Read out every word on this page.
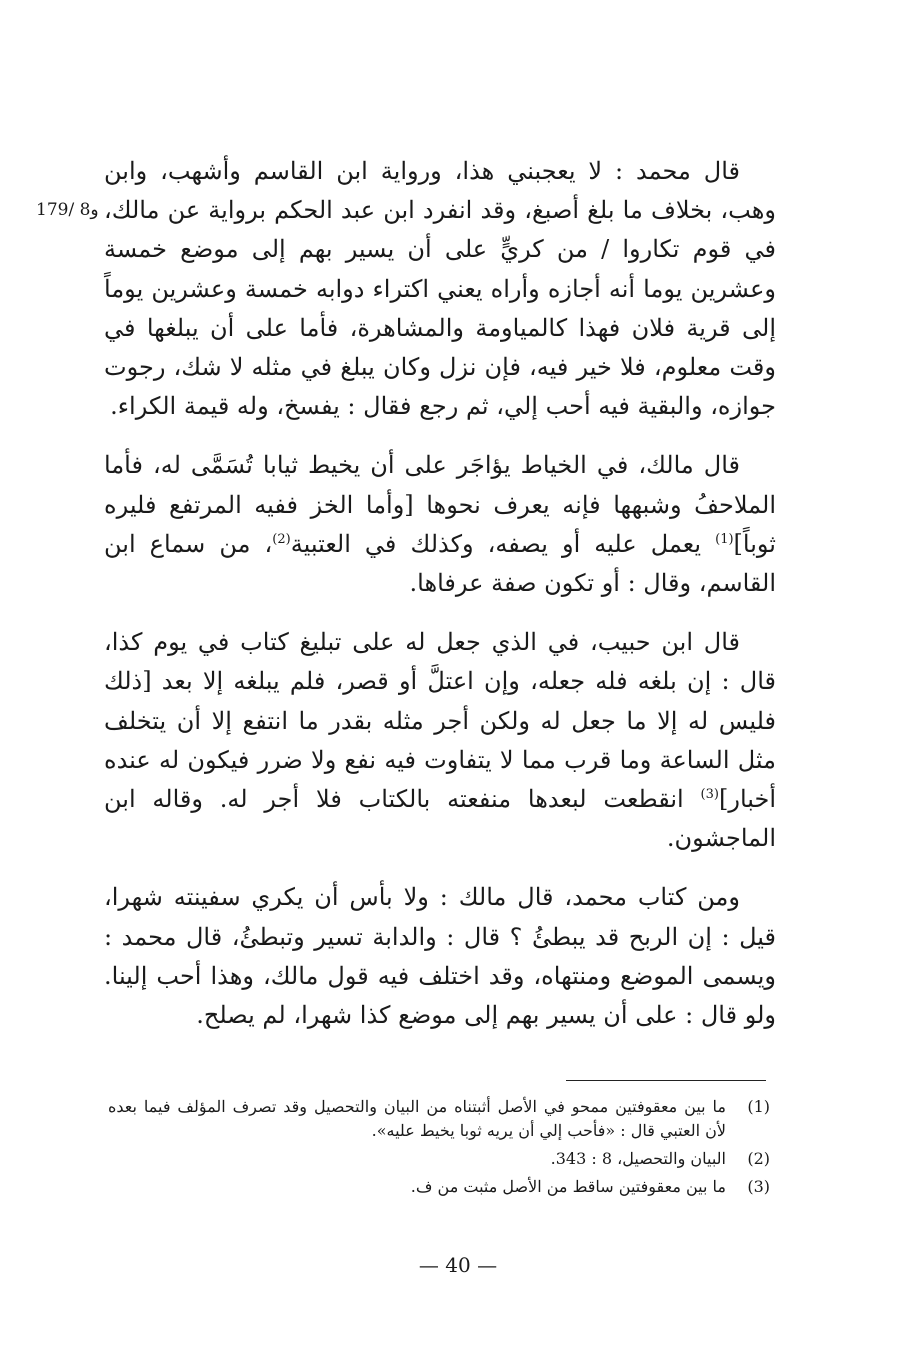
179/ 8و

قال محمد : لا يعجبني هذا، ورواية ابن القاسم وأشهب، وابن وهب، بخلاف ما بلغ أصبغ، وقد انفرد ابن عبد الحكم برواية عن مالك، في قوم تكاروا / من كريٍّ على أن يسير بهم إلى موضع خمسة وعشرين يوما أنه أجازه وأراه يعني اكتراء دوابه خمسة وعشرين يوماً إلى قرية فلان فهذا كالمياومة والمشاهرة، فأما على أن يبلغها في وقت معلوم، فلا خير فيه، فإن نزل وكان يبلغ في مثله لا شك، رجوت جوازه، والبقية فيه أحب إلي، ثم رجع فقال : يفسخ، وله قيمة الكراء.

قال مالك، في الخياط يؤاجَر على أن يخيط ثيابا تُسَمَّى له، فأما الملاحفُ وشبهها فإنه يعرف نحوها [وأما الخز ففيه المرتفع فليره ثوباً]$^{(1)}$ يعمل عليه أو يصفه، وكذلك في العتبية$^{(2)}$، من سماع ابن القاسم، وقال : أو تكون صفة عرفاها.

قال ابن حبيب، في الذي جعل له على تبليغ كتاب في يوم كذا، قال : إن بلغه فله جعله، وإن اعتلَّ أو قصر، فلم يبلغه إلا بعد [ذلك فليس له إلا ما جعل له ولكن أجر مثله بقدر ما انتفع إلا أن يتخلف مثل الساعة وما قرب مما لا يتفاوت فيه نفع ولا ضرر فيكون له عنده أخبار]$^{(3)}$ انقطعت لبعدها منفعته بالكتاب فلا أجر له. وقاله ابن الماجشون.

ومن كتاب محمد، قال مالك : ولا بأس أن يكري سفينته شهرا، قيل : إن الربح قد يبطئُ ؟ قال : والدابة تسير وتبطئُ، قال محمد : ويسمى الموضع ومنتهاه، وقد اختلف فيه قول مالك، وهذا أحب إلينا. ولو قال : على أن يسير بهم إلى موضع كذا شهرا، لم يصلح.

(1)
ما بين معقوفتين ممحو في الأصل أثبتناه من البيان والتحصيل وقد تصرف المؤلف فيما بعده لأن العتبي قال : «فأحب إلي أن يريه ثوبا يخيط عليه».
(2)
البيان والتحصيل، 8 : 343.
(3)
ما بين معقوفتين ساقط من الأصل مثبت من ف.
— 40 —
